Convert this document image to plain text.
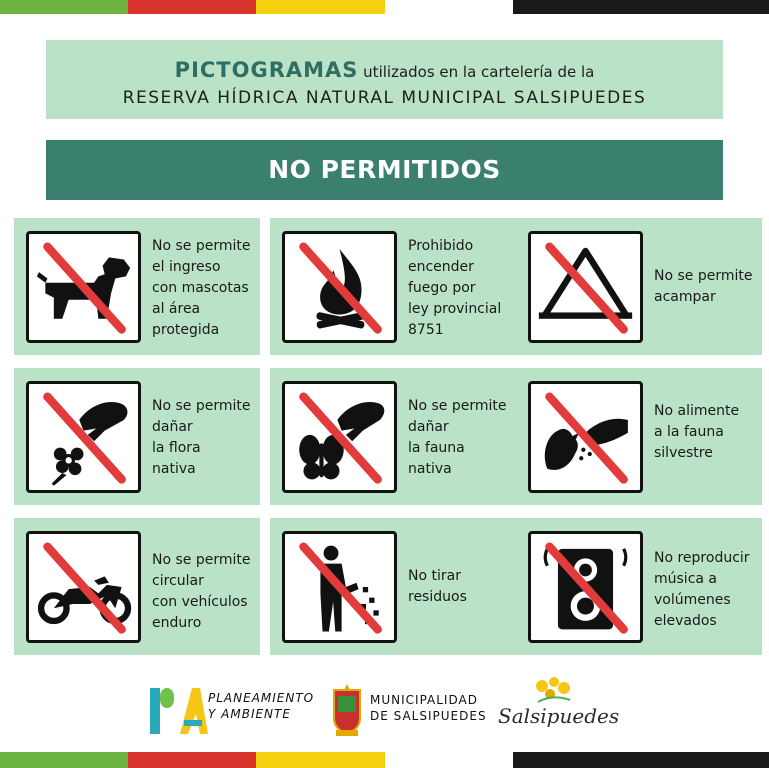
PICTOGRAMAS utilizados en la cartelería de la
RESERVA HÍDRICA NATURAL MUNICIPAL SALSIPUEDES
NO PERMITIDOS
No se permite
el ingreso
con mascotas
al área
protegida
Prohibido
encender
fuego por
ley provincial
8751
No se permite
acampar
No se permite
dañar
la flora
nativa
No se permite
dañar
la fauna
nativa
No alimente
a la fauna
silvestre
No se permite
circular
con vehículos
enduro
No tirar
residuos
No reproducir
música a
volúmenes
elevados
PLANEAMIENTO
Y AMBIENTE
MUNICIPALIDAD
DE SALSIPUEDES Salsipuedes
